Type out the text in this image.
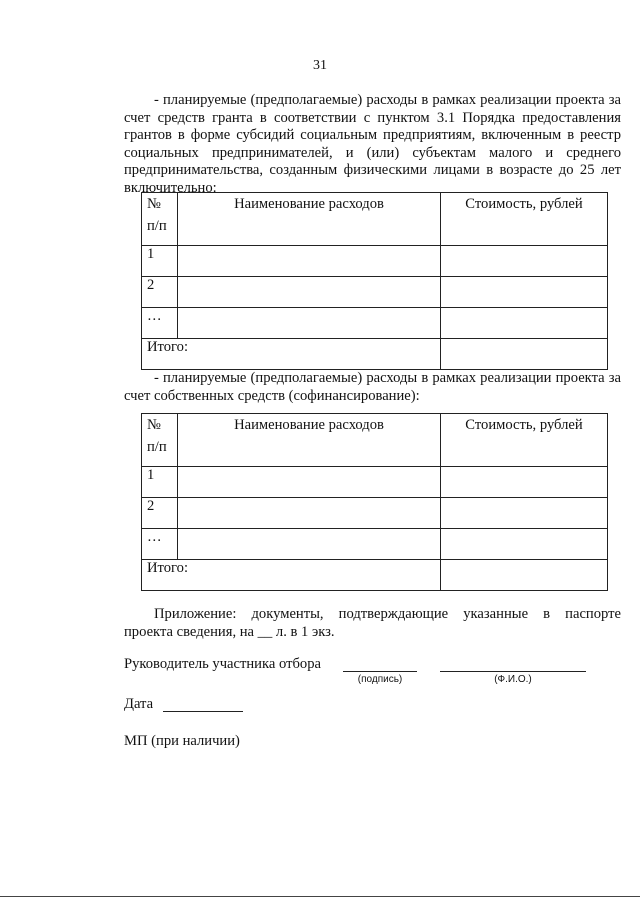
31
- планируемые (предполагаемые) расходы в рамках реализации проекта за счет средств гранта в соответствии с пунктом 3.1 Порядка предоставления грантов в форме субсидий социальным предприятиям, включенным в реестр социальных предпринимателей, и (или) субъектам малого и среднего предпринимательства, созданным физическими лицами в возрасте до 25 лет включительно:
№ п/п	Наименование расходов	Стоимость, рублей
1		
2		
…		
Итого:		
- планируемые (предполагаемые) расходы в рамках реализации проекта за счет собственных средств (софинансирование):
№ п/п	Наименование расходов	Стоимость, рублей
1		
2		
…		
Итого:		
Приложение: документы, подтверждающие указанные в паспорте
проекта сведения, на __ л. в 1 экз.
Руководитель участника отбора
(подпись)	(Ф.И.О.)
Дата
МП (при наличии)
